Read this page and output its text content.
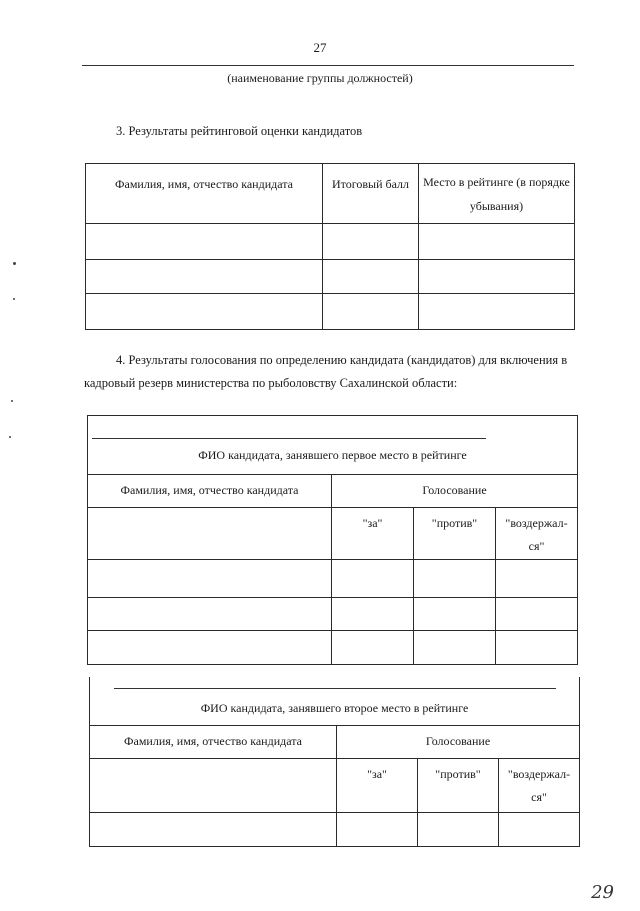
27
(наименование группы должностей)
3. Результаты рейтинговой оценки кандидатов
Фамилия, имя, отчество кандидата	Итоговый балл	Место в рейтинге (в порядке убывания)

4. Результаты голосования по определению кандидата (кандидатов) для включения в кадровый резерв министерства по рыболовству Сахалинской области:
ФИО кандидата, занявшего первое место в рейтинге			

Фамилия, имя, отчество кандидата	Голосование		

	"за"	"против"	"воздержал-ся"

ФИО кандидата, занявшего второе место в рейтинге			

Фамилия, имя, отчество кандидата	Голосование		

	"за"	"против"	"воздержал-ся"

29
